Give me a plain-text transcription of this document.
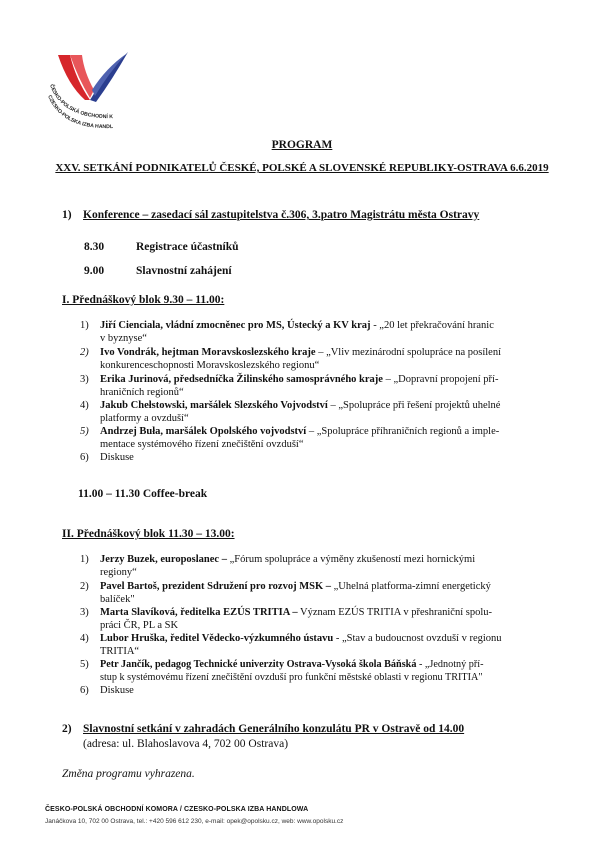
ČESKO-POLSKÁ OBCHODNÍ K
CZESKO-POLSKA IZBA HANDL
PROGRAM
XXV. SETKÁNÍ PODNIKATELŮ ČESKÉ, POLSKÉ A SLOVENSKÉ REPUBLIKY-OSTRAVA 6.6.2019
1) Konference – zasedací sál zastupitelstva č.306, 3.patro Magistrátu města Ostravy
8.30	Registrace účastníků
9.00	Slavnostní zahájení
I. Přednáškový blok 9.30 – 11.00:
1) Jiří Cienciala, vládní zmocněnec pro MS, Ústecký a KV kraj - „20 let překračování hranic
v byznyse“
2) Ivo Vondrák, hejtman Moravskoslezského kraje – „Vliv mezinárodní spolupráce na posílení
konkurenceschopnosti Moravskoslezského regionu“
3) Erika Jurinová, předsedníčka Žilinského samosprávného kraje – „Dopravní propojení pří-
hraničních regionů“
4) Jakub Chełstowski, maršálek Slezského Vojvodství – „Spolupráce při řešení projektů uhelné
platformy a ovzduší“
5) Andrzej Buła, maršálek Opolského vojvodství – „Spolupráce příhraničních regionů a imple-
mentace systémového řízení znečištění ovzduší“
6) Diskuse
11.00 – 11.30 Coffee-break
II. Přednáškový blok 11.30 – 13.00:
1) Jerzy Buzek, europoslanec – „Fórum spolupráce a výměny zkušeností mezi hornickými
regiony“
2) Pavel Bartoš, prezident Sdružení pro rozvoj MSK – „Uhelná platforma-zimní energetický
balíček"
3) Marta Slavíková, ředitelka EZÚS TRITIA – Význam EZÚS TRITIA v přeshraniční spolu-
práci ČR, PL a SK
4) Lubor Hruška, ředitel Vědecko-výzkumného ústavu - „Stav a budoucnost ovzduší v regionu
TRITIA“
5) Petr Jančík, pedagog Technické univerzity Ostrava-Vysoká škola Báňská - „Jednotný pří-
stup k systémovému řízení znečištění ovzduší pro funkční městské oblasti v regionu TRITIA"
6) Diskuse
2) Slavnostní setkání v zahradách Generálního konzulátu PR v Ostravě od 14.00
(adresa: ul. Blahoslavova 4, 702 00 Ostrava)
Změna programu vyhrazena.
ČESKO-POLSKÁ OBCHODNÍ KOMORA / CZESKO-POLSKA IZBA HANDLOWA
Janáčkova 10, 702 00 Ostrava, tel.: +420 596 612 230, e-mail: opek@opolsku.cz, web: www.opolsku.cz
